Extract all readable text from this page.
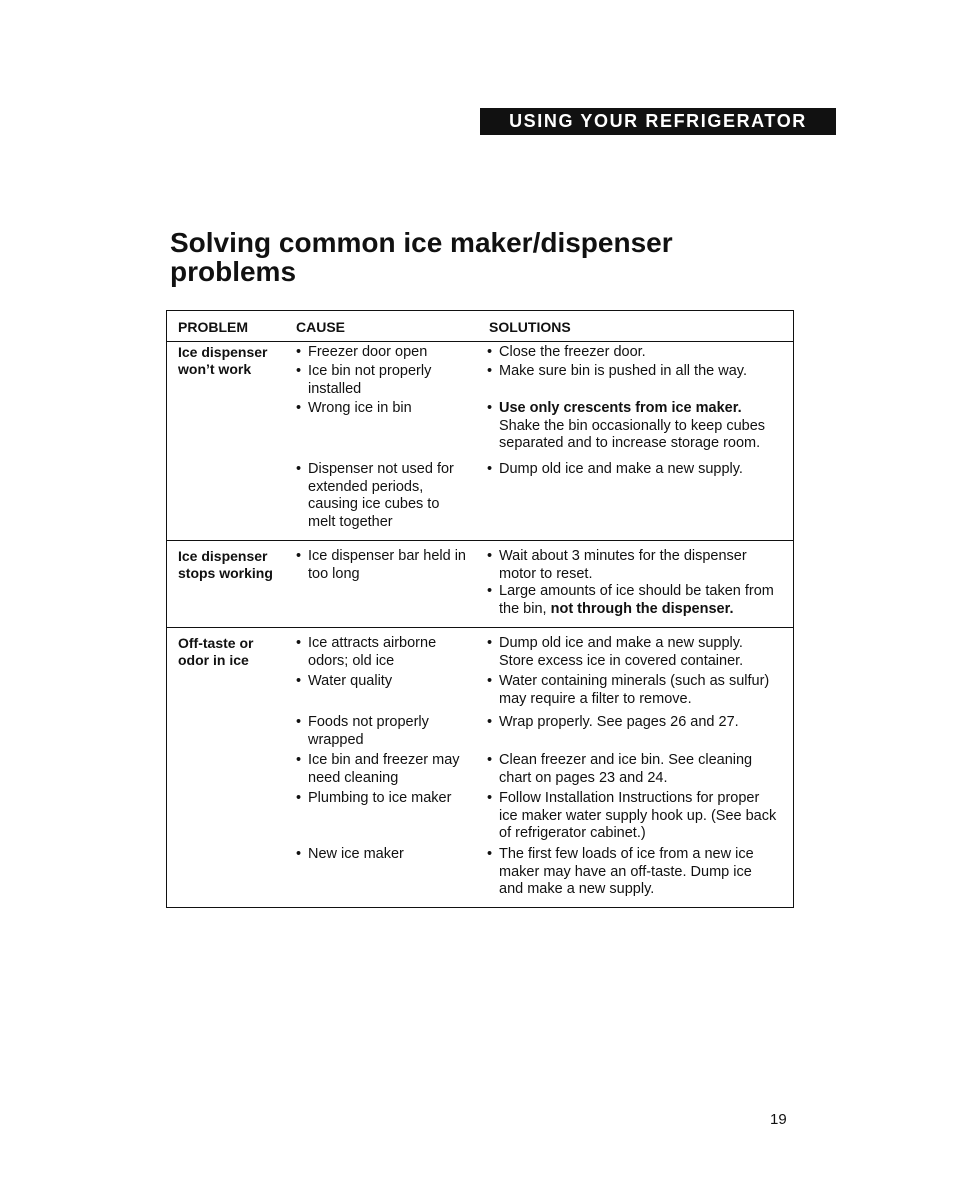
USING YOUR REFRIGERATOR
Solving common ice maker/dispenser problems
PROBLEM	CAUSE	SOLUTIONS
Ice dispenser won’t work
• Freezer door open
• Ice bin not properly installed
• Wrong ice in bin
• Dispenser not used for extended periods, causing ice cubes to melt together
• Close the freezer door.
• Make sure bin is pushed in all the way.
• Use only crescents from ice maker.
Shake the bin occasionally to keep cubes separated and to increase storage room.
• Dump old ice and make a new supply.
Ice dispenser stops working
• Ice dispenser bar held in too long
• Wait about 3 minutes for the dispenser motor to reset.
• Large amounts of ice should be taken from the bin, not through the dispenser.
Off-taste or odor in ice
• Ice attracts airborne odors; old ice
• Water quality
• Foods not properly wrapped
• Ice bin and freezer may need cleaning
• Plumbing to ice maker
• New ice maker
• Dump old ice and make a new supply. Store excess ice in covered container.
• Water containing minerals (such as sulfur) may require a filter to remove.
• Wrap properly. See pages 26 and 27.
• Clean freezer and ice bin. See cleaning chart on pages 23 and 24.
• Follow Installation Instructions for proper ice maker water supply hook up. (See back of refrigerator cabinet.)
• The first few loads of ice from a new ice maker may have an off-taste. Dump ice and make a new supply.
19
